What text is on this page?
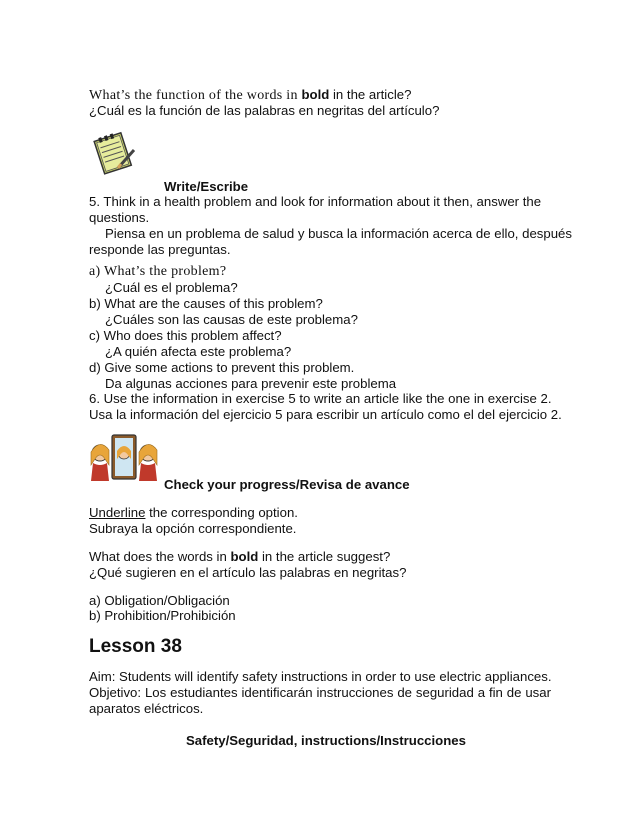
What’s the function of the words in bold in the article?
¿Cuál es la función de las palabras en negritas del artículo?
Write/Escribe
5. Think in a health problem and look for information about it then, answer the
questions.
Piensa en un problema de salud y busca la información acerca de ello, después
responde las preguntas.
a) What’s the problem?
¿Cuál es el problema?
b) What are the causes of this problem?
¿Cuáles son las causas de este problema?
c) Who does this problem affect?
¿A quién afecta este problema?
d) Give some actions to prevent this problem.
Da algunas acciones para prevenir este problema
6. Use the information in exercise 5 to write an article like the one in exercise 2.
Usa la información del ejercicio 5 para escribir un artículo como el del ejercicio 2.
Check your progress/Revisa de avance
Underline the corresponding option.
Subraya la opción correspondiente.
What does the words in bold in the article suggest?
¿Qué sugieren en el artículo las palabras en negritas?
a) Obligation/Obligación
b) Prohibition/Prohibición
Lesson 38
Aim: Students will identify safety instructions in order to use electric appliances.
Objetivo: Los estudiantes identificarán instrucciones de seguridad a fin de usar aparatos eléctricos.
Safety/Seguridad, instructions/Instrucciones
